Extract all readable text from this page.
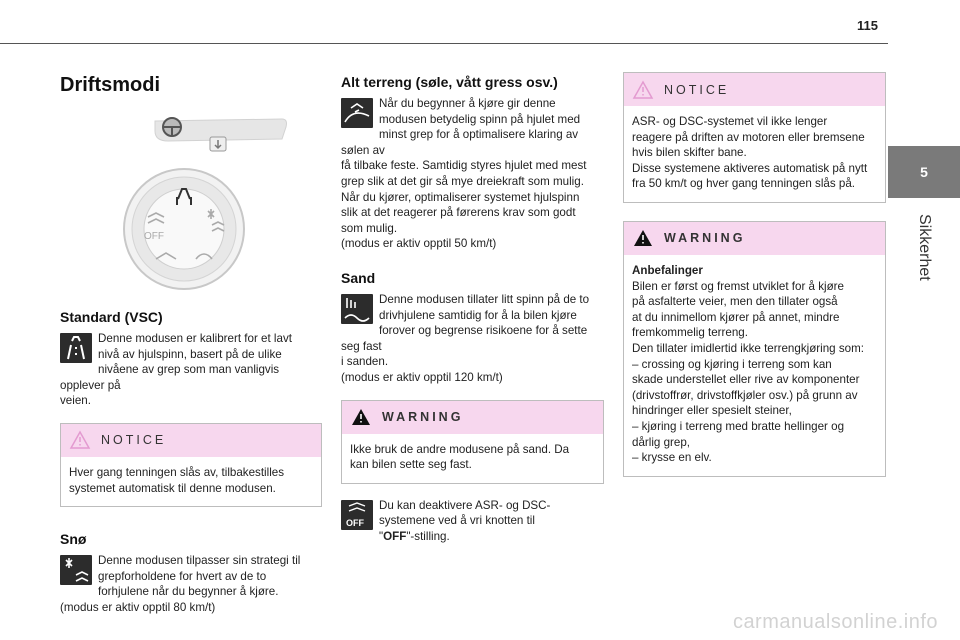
115
5
Sikkerhet
Driftsmodi
OFF
Standard (VSC)
Denne modusen er kalibrert for et lavt
nivå av hjulspinn, basert på de ulike
nivåene av grep som man vanligvis opplever på
veien.
NOTICE
Hver gang tenningen slås av, tilbakestilles
systemet automatisk til denne modusen.
Snø
Denne modusen tilpasser sin strategi til
grepforholdene for hvert av de to
forhjulene når du begynner å kjøre.
(modus er aktiv opptil 80 km/t)
Alt terreng (søle, vått gress osv.)
Når du begynner å kjøre gir denne
modusen betydelig spinn på hjulet med
minst grep for å optimalisere klaring av sølen av
få tilbake feste. Samtidig styres hjulet med mest
grep slik at det gir så mye dreiekraft som mulig.
Når du kjører, optimaliserer systemet hjulspinn
slik at det reagerer på førerens krav som godt
som mulig.
(modus er aktiv opptil 50 km/t)
Sand
Denne modusen tillater litt spinn på de to
drivhjulene samtidig for å la bilen kjøre
forover og begrense risikoene for å sette seg fast
i sanden.
(modus er aktiv opptil 120 km/t)
WARNING
Ikke bruk de andre modusene på sand. Da
kan bilen sette seg fast.
OFF
Du kan deaktivere ASR- og DSC-
systemene ved å vri knotten til
"OFF"-stilling.
NOTICE
ASR- og DSC-systemet vil ikke lenger
reagere på driften av motoren eller bremsene
hvis bilen skifter bane.
Disse systemene aktiveres automatisk på nytt
fra 50 km/t og hver gang tenningen slås på.
WARNING
Anbefalinger
Bilen er først og fremst utviklet for å kjøre
på asfalterte veier, men den tillater også
at du innimellom kjører på annet, mindre
fremkommelig terreng.
Den tillater imidlertid ikke terrengkjøring som:
– crossing og kjøring i terreng som kan
skade understellet eller rive av komponenter
(drivstoffrør, drivstoffkjøler osv.) på grunn av
hindringer eller spesielt steiner,
– kjøring i terreng med bratte hellinger og
dårlig grep,
– krysse en elv.
carmanualsonline.info
